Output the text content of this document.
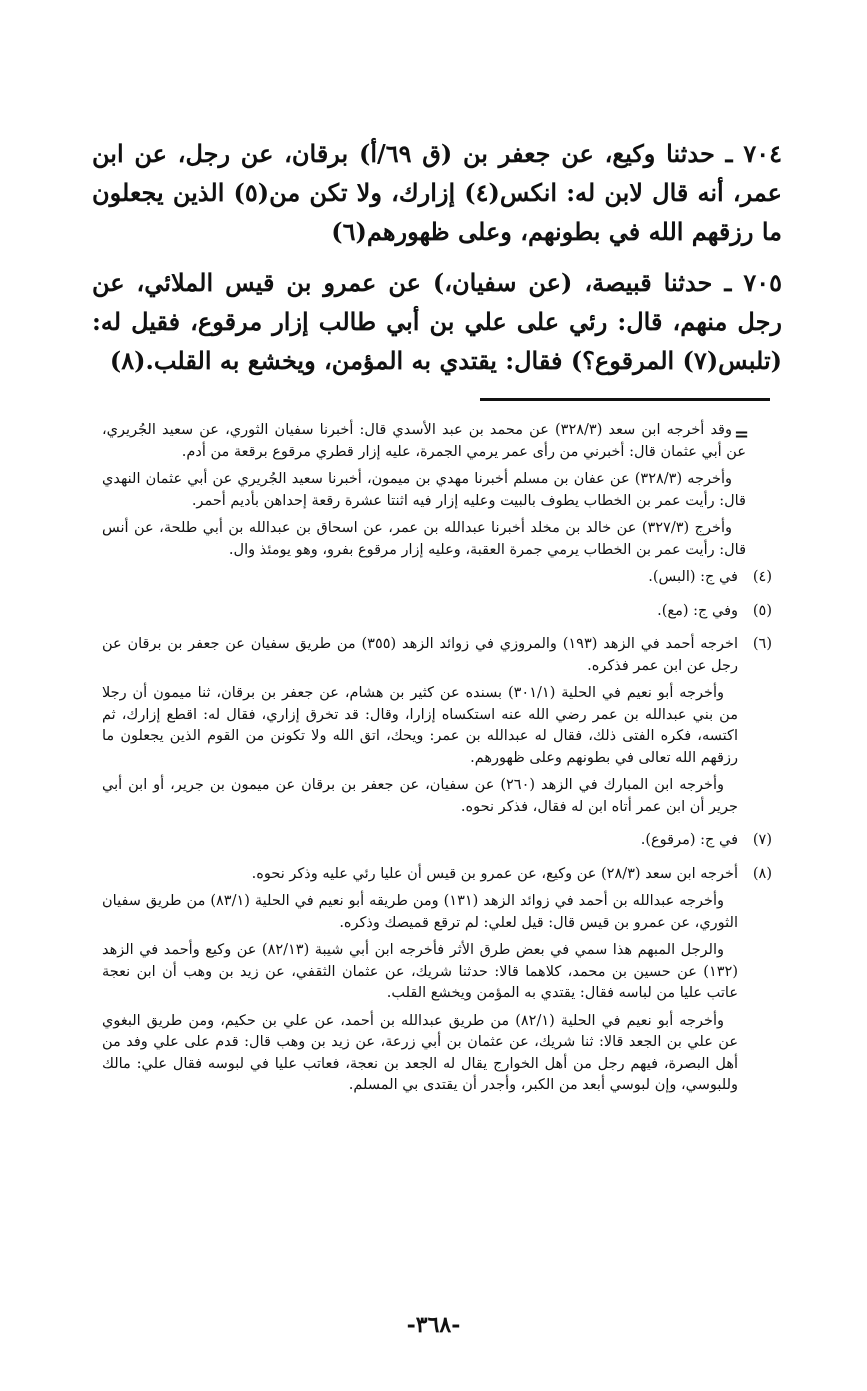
٧٠٤ ـ حدثنا وكيع، عن جعفر بن (ق ٦٩/أ) برقان، عن رجل، عن ابن عمر، أنه قال لابن له: انكس(٤) إزارك، ولا تكن من(٥) الذين يجعلون ما رزقهم الله في بطونهم، وعلى ظهورهم(٦)

٧٠٥ ـ حدثنا قبيصة، (عن سفيان،) عن عمرو بن قيس الملائي، عن رجل منهم، قال: رئي على علي بن أبي طالب إزار مرقوع، فقيل له: (تلبس(٧) المرقوع؟) فقال: يقتدي به المؤمن، ويخشع به القلب.(٨)

=

وقد أخرجه ابن سعد (٣٢٨/٣) عن محمد بن عبد الأسدي قال: أخبرنا سفيان الثوري، عن سعيد الجُريري، عن أبي عثمان قال: أخبرني من رأى عمر يرمي الجمرة، عليه إزار قطري مرقوع برقعة من أدم.

وأخرجه (٣٢٨/٣) عن عفان بن مسلم أخبرنا مهدي بن ميمون، أخبرنا سعيد الجُريري عن أبي عثمان النهدي قال: رأيت عمر بن الخطاب يطوف بالبيت وعليه إزار فيه اثنتا عشرة رقعة إحداهن بأديم أحمر.

وأخرج (٣٢٧/٣) عن خالد بن مخلد أخبرنا عبدالله بن عمر، عن اسحاق بن عبدالله بن أبي طلحة، عن أنس قال: رأيت عمر بن الخطاب يرمي جمرة العقبة، وعليه إزار مرقوع بفرو، وهو يومئذ وال.

(٤)

في ج: (البس).

(٥)

وفي ج: (مع).

(٦)

اخرجه أحمد في الزهد (١٩٣) والمروزي في زوائد الزهد (٣٥٥) من طريق سفيان عن جعفر بن برقان عن رجل عن ابن عمر فذكره.

وأخرجه أبو نعيم في الحلية (٣٠١/١) بسنده عن كثير بن هشام، عن جعفر بن برقان، ثنا ميمون أن رجلا من بني عبدالله بن عمر رضي الله عنه استكساه إزارا، وقال: قد تخرق إزاري، فقال له: اقطع إزارك، ثم اكتسه، فكره الفتى ذلك، فقال له عبدالله بن عمر: ويحك، اتق الله ولا تكونن من القوم الذين يجعلون ما رزقهم الله تعالى في بطونهم وعلى ظهورهم.

وأخرجه ابن المبارك في الزهد (٢٦٠) عن سفيان، عن جعفر بن برقان عن ميمون بن جرير، أو ابن أبي جرير أن ابن عمر أتاه ابن له فقال، فذكر نحوه.

(٧)

في ج: (مرقوع).

(٨)

أخرجه ابن سعد (٢٨/٣) عن وكيع، عن عمرو بن قيس أن عليا رئي عليه وذكر نحوه.

وأخرجه عبدالله بن أحمد في زوائد الزهد (١٣١) ومن طريقه أبو نعيم في الحلية (٨٣/١) من طريق سفيان الثوري، عن عمرو بن قيس قال: قيل لعلي: لم ترقع قميصك وذكره.

والرجل المبهم هذا سمي في بعض طرق الأثر فأخرجه ابن أبي شيبة (٨٢/١٣) عن وكيع وأحمد في الزهد (١٣٢) عن حسين بن محمد، كلاهما قالا: حدثنا شريك، عن عثمان الثقفي، عن زيد بن وهب أن ابن نعجة عاتب عليا من لباسه فقال: يقتدي به المؤمن ويخشع القلب.

وأخرجه أبو نعيم في الحلية (٨٢/١) من طريق عبدالله بن أحمد، عن علي بن حكيم، ومن طريق البغوي عن علي بن الجعد قالا: ثنا شريك، عن عثمان بن أبي زرعة، عن زيد بن وهب قال: قدم على علي وفد من أهل البصرة، فيهم رجل من أهل الخوارج يقال له الجعد بن نعجة، فعاتب عليا في لبوسه فقال علي: مالك وللبوسي، وإن لبوسي أبعد من الكبر، وأجدر أن يقتدى بي المسلم.

-٣٦٨-
